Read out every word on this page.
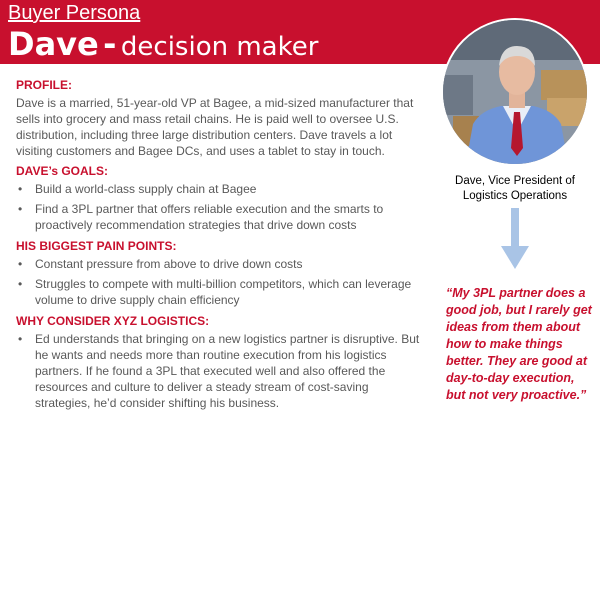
Buyer Persona
Dave - decision maker
Dave, Vice President of Logistics Operations
“My 3PL partner does a good job, but I rarely get ideas from them about how to make things better. They are good at day-to-day execution, but not very proactive.”
PROFILE:
Dave is a married, 51-year-old VP at Bagee, a mid-sized manufacturer that sells into grocery and mass retail chains. He is paid well to oversee U.S. distribution, including three large distribution centers. Dave travels a lot visiting customers and Bagee DCs, and uses a tablet to stay in touch.
DAVE’s GOALS:
• Build a world-class supply chain at Bagee
• Find a 3PL partner that offers reliable execution and the smarts to proactively recommendation strategies that drive down costs
HIS BIGGEST PAIN POINTS:
• Constant pressure from above to drive down costs
• Struggles to compete with multi-billion competitors, which can leverage volume to drive supply chain efficiency
WHY CONSIDER XYZ LOGISTICS:
• Ed understands that bringing on a new logistics partner is disruptive. But he wants and needs more than routine execution from his logistics partners. If he found a 3PL that executed well and also offered the resources and culture to deliver a steady stream of cost-saving strategies, he’d consider shifting his business.
